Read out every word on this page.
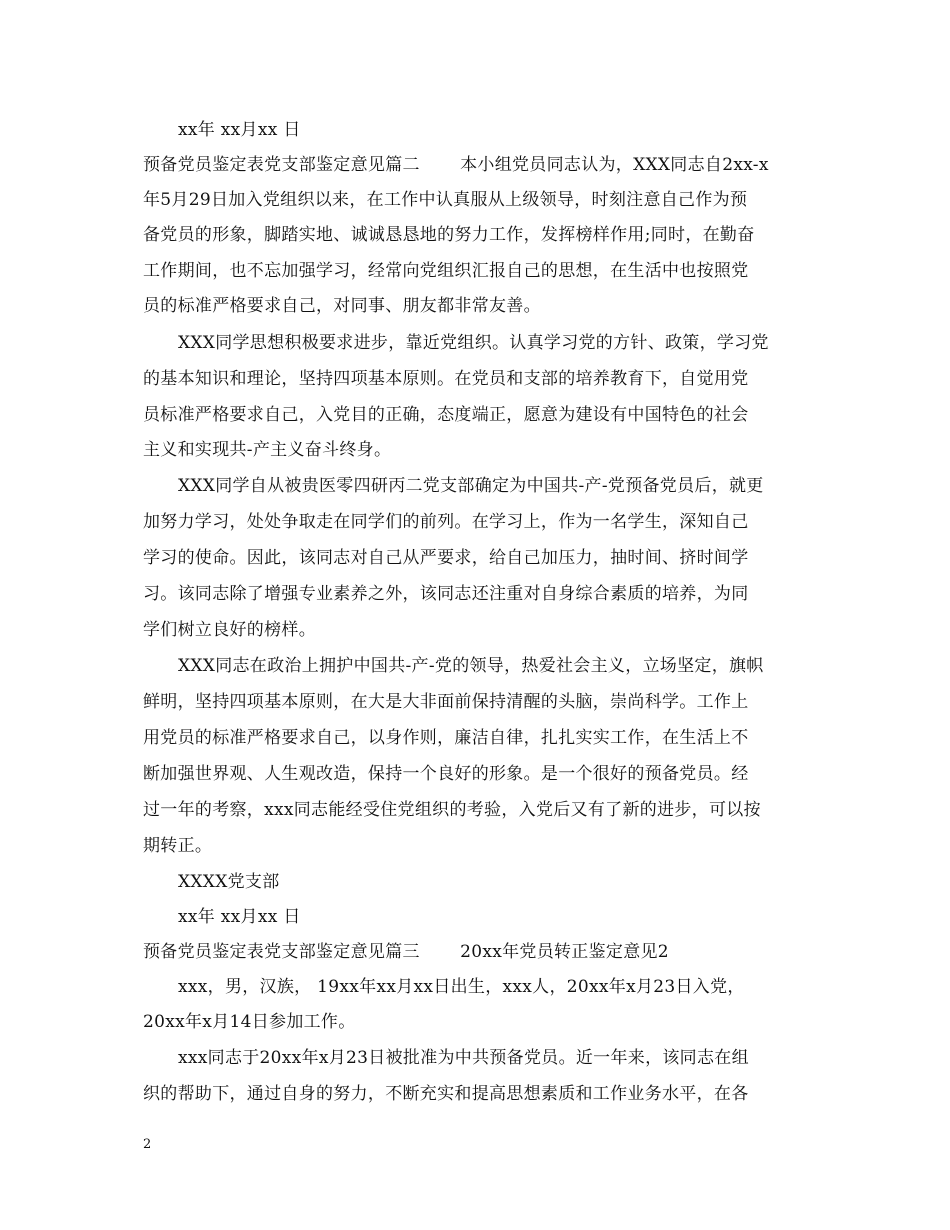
xx年 xx月xx 日
预备党员鉴定表党支部鉴定意见篇二　　 本小组党员同志认为，XXX同志自2xx-x
年5月29日加入党组织以来，在工作中认真服从上级领导，时刻注意自己作为预
备党员的形象，脚踏实地、诚诚恳恳地的努力工作，发挥榜样作用;同时，在勤奋
工作期间，也不忘加强学习，经常向党组织汇报自己的思想，在生活中也按照党
员的标准严格要求自己，对同事、朋友都非常友善。
XXX同学思想积极要求进步，靠近党组织。认真学习党的方针、政策，学习党
的基本知识和理论，坚持四项基本原则。在党员和支部的培养教育下，自觉用党
员标准严格要求自己，入党目的正确，态度端正，愿意为建设有中国特色的社会
主义和实现共-产主义奋斗终身。
XXX同学自从被贵医零四研丙二党支部确定为中国共-产-党预备党员后，就更
加努力学习，处处争取走在同学们的前列。在学习上，作为一名学生，深知自己
学习的使命。因此，该同志对自己从严要求，给自己加压力，抽时间、挤时间学
习。该同志除了增强专业素养之外，该同志还注重对自身综合素质的培养，为同
学们树立良好的榜样。
XXX同志在政治上拥护中国共-产-党的领导，热爱社会主义，立场坚定，旗帜
鲜明，坚持四项基本原则，在大是大非面前保持清醒的头脑，崇尚科学。工作上
用党员的标准严格要求自己，以身作则，廉洁自律，扎扎实实工作，在生活上不
断加强世界观、人生观改造，保持一个良好的形象。是一个很好的预备党员。经
过一年的考察，xxx同志能经受住党组织的考验，入党后又有了新的进步，可以按
期转正。
XXXX党支部
xx年 xx月xx 日
预备党员鉴定表党支部鉴定意见篇三　　 20xx年党员转正鉴定意见2
xxx，男，汉族， 19xx年xx月xx日出生，xxx人，20xx年x月23日入党，
20xx年x月14日参加工作。
xxx同志于20xx年x月23日被批准为中共预备党员。近一年来，该同志在组
织的帮助下，通过自身的努力，不断充实和提高思想素质和工作业务水平，在各
2
